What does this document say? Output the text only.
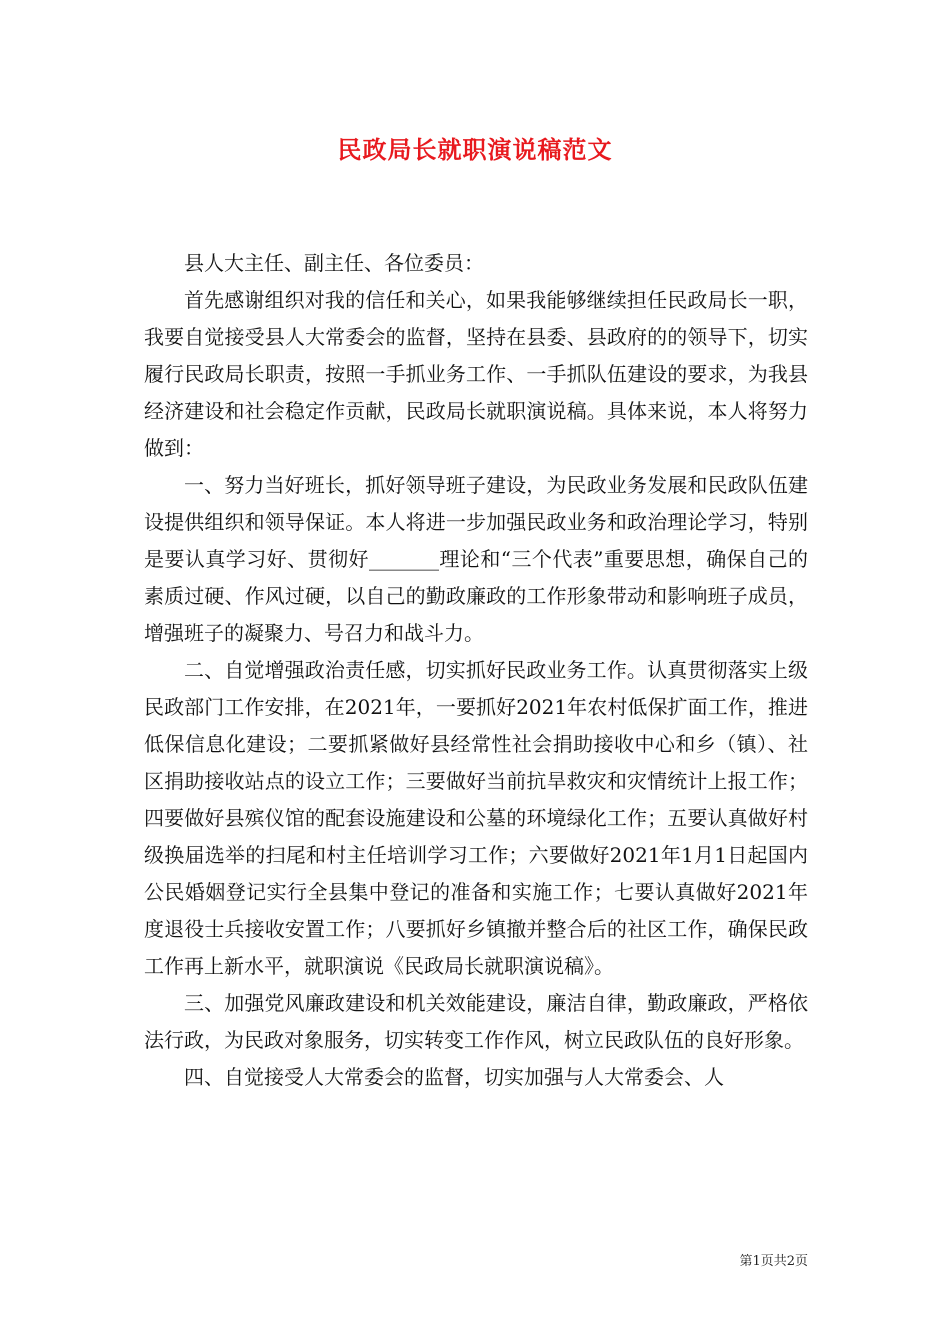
民政局长就职演说稿范文

县人大主任、副主任、各位委员：

首先感谢组织对我的信任和关心，如果我能够继续担任民政局长一职，我要自觉接受县人大常委会的监督，坚持在县委、县政府的的领导下，切实履行民政局长职责，按照一手抓业务工作、一手抓队伍建设的要求，为我县经济建设和社会稳定作贡献，民政局长就职演说稿。具体来说，本人将努力做到：

一、努力当好班长，抓好领导班子建设，为民政业务发展和民政队伍建设提供组织和领导保证。本人将进一步加强民政业务和政治理论学习，特别是要认真学习好、贯彻好_______理论和“三个代表”重要思想，确保自己的素质过硬、作风过硬，以自己的勤政廉政的工作形象带动和影响班子成员，增强班子的凝聚力、号召力和战斗力。

二、自觉增强政治责任感，切实抓好民政业务工作。认真贯彻落实上级民政部门工作安排，在2021年，一要抓好2021年农村低保扩面工作，推进低保信息化建设；二要抓紧做好县经常性社会捐助接收中心和乡（镇）、社区捐助接收站点的设立工作；三要做好当前抗旱救灾和灾情统计上报工作；四要做好县殡仪馆的配套设施建设和公墓的环境绿化工作；五要认真做好村级换届选举的扫尾和村主任培训学习工作；六要做好2021年1月1日起国内公民婚姻登记实行全县集中登记的准备和实施工作；七要认真做好2021年度退役士兵接收安置工作；八要抓好乡镇撤并整合后的社区工作，确保民政工作再上新水平，就职演说《民政局长就职演说稿》。

三、加强党风廉政建设和机关效能建设，廉洁自律，勤政廉政，严格依法行政，为民政对象服务，切实转变工作作风，树立民政队伍的良好形象。

四、自觉接受人大常委会的监督，切实加强与人大常委会、人

第1页共2页
